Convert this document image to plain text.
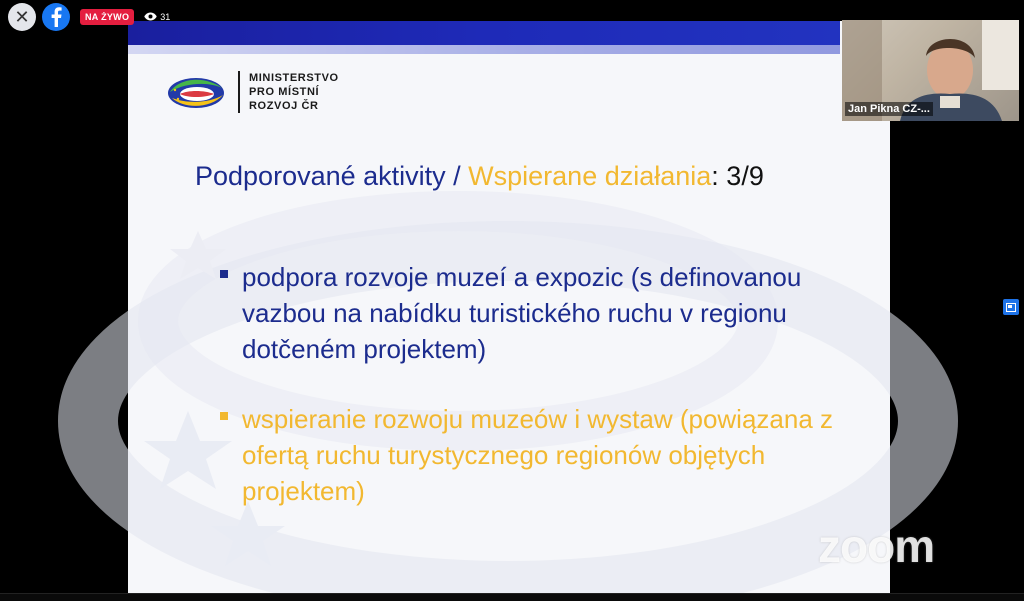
✕	NA ŻYWO	31
MINISTERSTVO
PRO MÍSTNÍ
ROZVOJ ČR
Podporované aktivity / Wspierane działania: 3/9
podpora rozvoje muzeí a expozic (s definovanou vazbou na nabídku turistického ruchu v regionu dotčeném projektem)
wspieranie rozwoju muzeów i wystaw (powiązana z ofertą ruchu turystycznego regionów objętych projektem)
zoom
Jan Pikna CZ-...
